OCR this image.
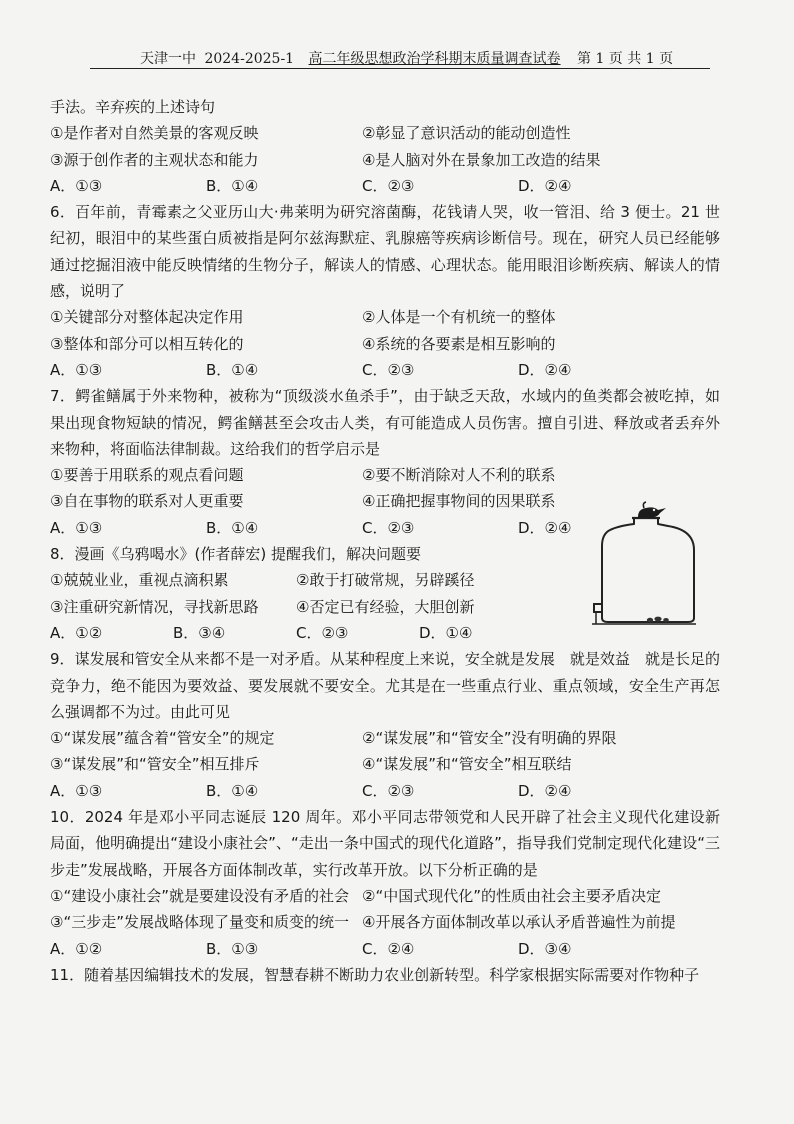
天津一中 2024-2025-1 高二年级思想政治学科期末质量调查试卷 第 1 页 共 1 页

手法。辛弃疾的上述诗句

①是作者对自然美景的客观反映	②彰显了意识活动的能动创造性
③源于创作者的主观状态和能力	④是人脑对外在景象加工改造的结果
A．①③	B．①④	C．②③	D．②④

6．百年前，青霉素之父亚历山大·弗莱明为研究溶菌酶，花钱请人哭，收一管泪、给 3 便士。21 世纪初，眼泪中的某些蛋白质被指是阿尔兹海默症、乳腺癌等疾病诊断信号。现在，研究人员已经能够通过挖掘泪液中能反映情绪的生物分子，解读人的情感、心理状态。能用眼泪诊断疾病、解读人的情感，说明了

①关键部分对整体起决定作用	②人体是一个有机统一的整体
③整体和部分可以相互转化的	④系统的各要素是相互影响的
A．①③	B．①④	C．②③	D．②④

7．鳄雀鳝属于外来物种，被称为“顶级淡水鱼杀手”，由于缺乏天敌，水域内的鱼类都会被吃掉，如果出现食物短缺的情况，鳄雀鳝甚至会攻击人类，有可能造成人员伤害。擅自引进、释放或者丢弃外来物种，将面临法律制裁。这给我们的哲学启示是

①要善于用联系的观点看问题	②要不断消除对人不利的联系
③自在事物的联系对人更重要	④正确把握事物间的因果联系
A．①③	B．①④	C．②③	D．②④

8．漫画《乌鸦喝水》(作者薛宏) 提醒我们，解决问题要

①兢兢业业，重视点滴积累	②敢于打破常规，另辟蹊径
③注重研究新情况，寻找新思路	④否定已有经验，大胆创新
A．①②	B．③④	C．②③	D．①④

9．谋发展和管安全从来都不是一对矛盾。从某种程度上来说，安全就是发展　就是效益　就是长足的竞争力，绝不能因为要效益、要发展就不要安全。尤其是在一些重点行业、重点领域，安全生产再怎么强调都不为过。由此可见

①“谋发展”蕴含着“管安全”的规定	②“谋发展”和“管安全”没有明确的界限
③“谋发展”和“管安全”相互排斥	④“谋发展”和“管安全”相互联结
A．①③	B．①④	C．②③	D．②④

10．2024 年是邓小平同志诞辰 120 周年。邓小平同志带领党和人民开辟了社会主义现代化建设新局面，他明确提出“建设小康社会”、“走出一条中国式的现代化道路”，指导我们党制定现代化建设“三步走”发展战略，开展各方面体制改革，实行改革开放。以下分析正确的是

①“建设小康社会”就是要建设没有矛盾的社会 ②“中国式现代化”的性质由社会主要矛盾决定
③“三步走”发展战略体现了量变和质变的统一 ④开展各方面体制改革以承认矛盾普遍性为前提
A．①②	B．①③	C．②④	D．③④

11．随着基因编辑技术的发展，智慧春耕不断助力农业创新转型。科学家根据实际需要对作物种子
